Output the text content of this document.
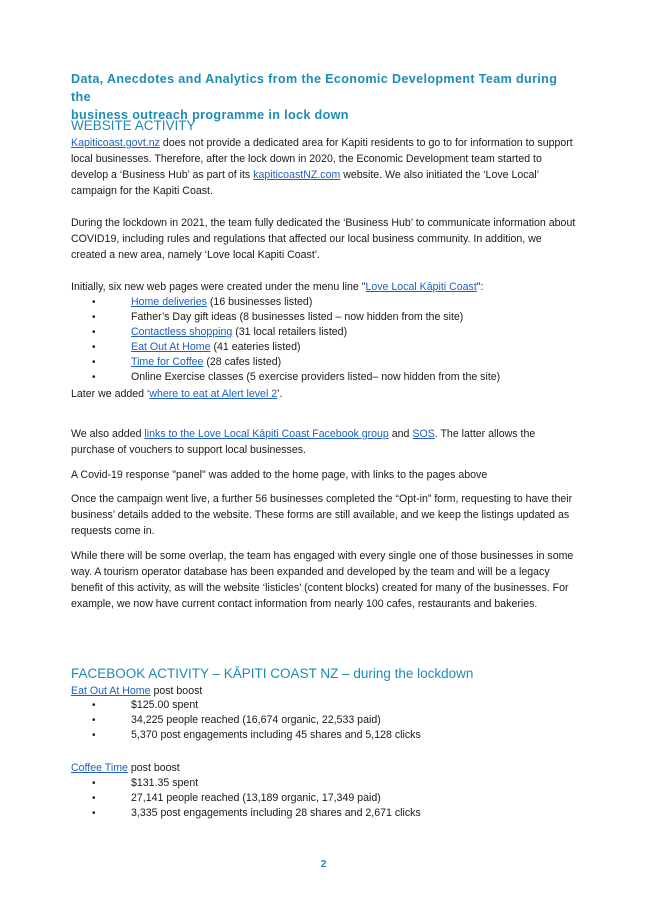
Data, Anecdotes and Analytics from the Economic Development Team during the
business outreach programme in lock down
WEBSITE ACTIVITY

Kapiticoast.govt.nz does not provide a dedicated area for Kapiti residents to go to for information to support local businesses. Therefore, after the lock down in 2020, the Economic Development team started to develop a ‘Business Hub’ as part of its kapiticoastNZ.com website. We also initiated the ‘Love Local’ campaign for the Kapiti Coast.

During the lockdown in 2021, the team fully dedicated the ‘Business Hub’ to communicate information about COVID19, including rules and regulations that affected our local business community. In addition, we created a new area, namely ‘Love local Kapiti Coast’.

Initially, six new web pages were created under the menu line "Love Local Kāpiti Coast":

•	Home deliveries (16 businesses listed)
•	Father’s Day gift ideas (8 businesses listed – now hidden from the site)
•	Contactless shopping (31 local retailers listed)
•	Eat Out At Home (41 eateries listed)
•	Time for Coffee (28 cafes listed)
•	Online Exercise classes (5 exercise providers listed– now hidden from the site)

Later we added ‘where to eat at Alert level 2’.

We also added links to the Love Local Kāpiti Coast Facebook group and SOS. The latter allows the purchase of vouchers to support local businesses.

A Covid-19 response "panel" was added to the home page, with links to the pages above

Once the campaign went live, a further 56 businesses completed the “Opt-in” form, requesting to have their business’ details added to the website. These forms are still available, and we keep the listings updated as requests come in.

While there will be some overlap, the team has engaged with every single one of those businesses in some way. A tourism operator database has been expanded and developed by the team and will be a legacy benefit of this activity, as will the website ‘listicles’ (content blocks) created for many of the businesses. For example, we now have current contact information from nearly 100 cafes, restaurants and bakeries.

FACEBOOK ACTIVITY – KĀPITI COAST NZ – during the lockdown

Eat Out At Home post boost

•	$125.00 spent
•	34,225 people reached (16,674 organic, 22,533 paid)
•	5,370 post engagements including 45 shares and 5,128 clicks

Coffee Time post boost

•	$131.35 spent
•	27,141 people reached (13,189 organic, 17,349 paid)
•	3,335 post engagements including 28 shares and 2,671 clicks
2
